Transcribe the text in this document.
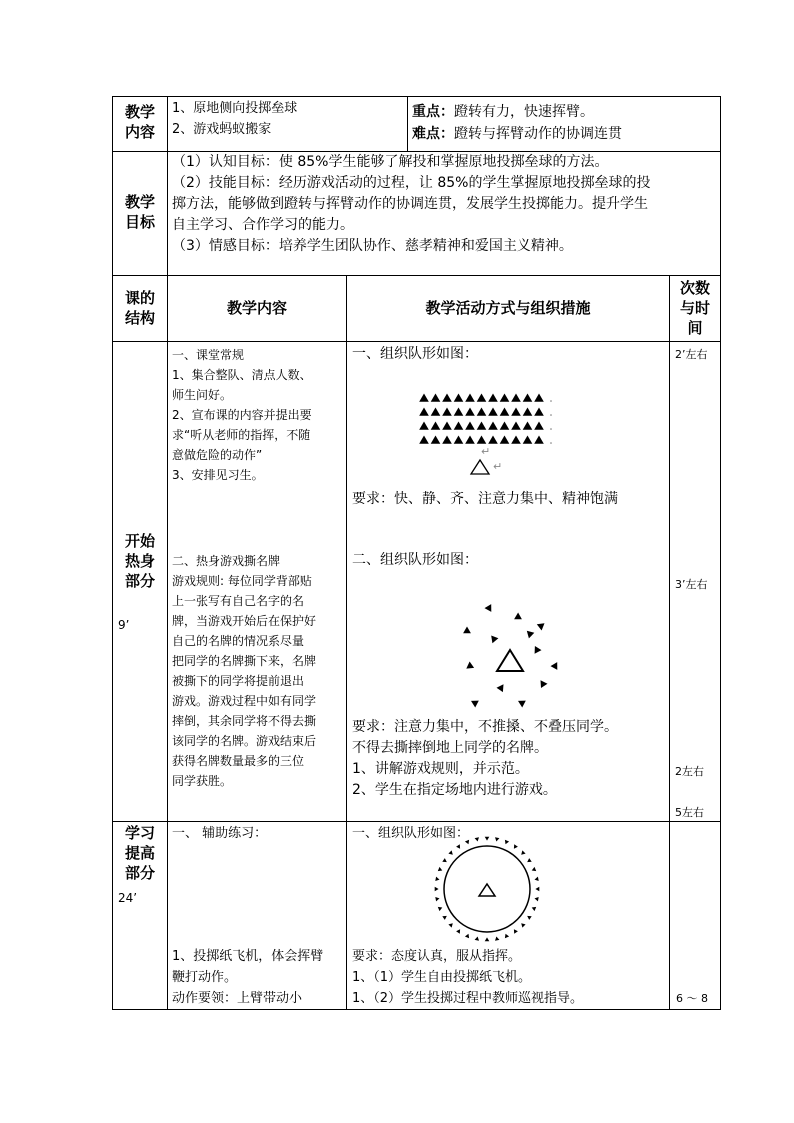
教学
内容
1、原地侧向投掷垒球
2、游戏蚂蚁搬家
重点：蹬转有力，快速挥臂。
难点：蹬转与挥臂动作的协调连贯
教学
目标
（1）认知目标：使 85%学生能够了解投和掌握原地投掷垒球的方法。
（2）技能目标：经历游戏活动的过程，让 85%的学生掌握原地投掷垒球的投
掷方法，能够做到蹬转与挥臂动作的协调连贯，发展学生投掷能力。提升学生
自主学习、合作学习的能力。
（3）情感目标：培养学生团队协作、慈孝精神和爱国主义精神。
课的
结构
教学内容	教学活动方式与组织措施
次数
与时
间
开始
热身
部分
9’
一、课堂常规
1、集合整队、清点人数、
师生问好。
2、宣布课的内容并提出要
求“听从老师的指挥，不随
意做危险的动作”
3、安排见习生。
二、热身游戏撕名牌
游戏规则: 每位同学背部贴
上一张写有自己名字的名
牌，当游戏开始后在保护好
自己的名牌的情况系尽量
把同学的名牌撕下来，名牌
被撕下的同学将提前退出
游戏。游戏过程中如有同学
摔倒，其余同学将不得去撕
该同学的名牌。游戏结束后
获得名牌数量最多的三位
同学获胜。
一、组织队形如图：
↵
↵
要求：快、静、齐、注意力集中、精神饱满
二、组织队形如图：
要求：注意力集中，不推搡、不叠压同学。
不得去撕摔倒地上同学的名牌。
1、讲解游戏规则，并示范。
2、学生在指定场地内进行游戏。
2’左右
3’左右
2左右
5左右
学习
提高
部分
24’
一、 辅助练习：
1、投掷纸飞机，体会挥臂
鞭打动作。
动作要领：上臂带动小
一、组织队形如图：
要求：态度认真，服从指挥。
1、（1）学生自由投掷纸飞机。
1、（2）学生投掷过程中教师巡视指导。	6 ～ 8
